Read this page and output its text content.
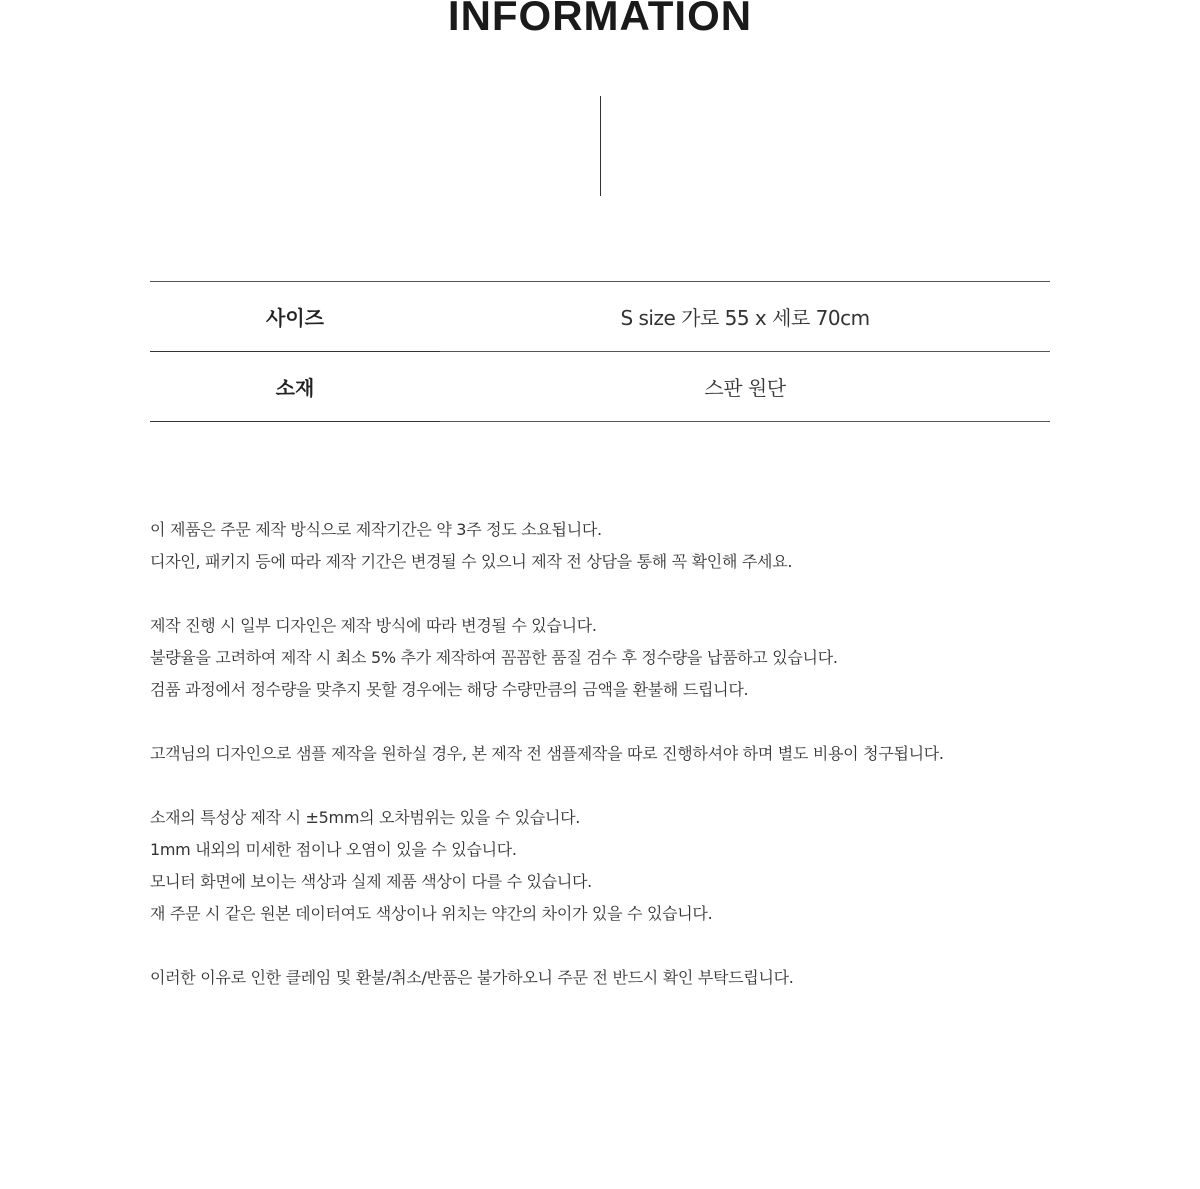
INFORMATION
사이즈	S size 가로 55 x 세로 70cm
소재	스판 원단
이 제품은 주문 제작 방식으로 제작기간은 약 3주 정도 소요됩니다.
디자인, 패키지 등에 따라 제작 기간은 변경될 수 있으니 제작 전 상담을 통해 꼭 확인해 주세요.
제작 진행 시 일부 디자인은 제작 방식에 따라 변경될 수 있습니다.
불량율을 고려하여 제작 시 최소 5% 추가 제작하여 꼼꼼한 품질 검수 후 정수량을 납품하고 있습니다.
검품 과정에서 정수량을 맞추지 못할 경우에는 해당 수량만큼의 금액을 환불해 드립니다.
고객님의 디자인으로 샘플 제작을 원하실 경우, 본 제작 전 샘플제작을 따로 진행하셔야 하며 별도 비용이 청구됩니다.
소재의 특성상 제작 시 ±5mm의 오차범위는 있을 수 있습니다.
1mm 내외의 미세한 점이나 오염이 있을 수 있습니다.
모니터 화면에 보이는 색상과 실제 제품 색상이 다를 수 있습니다.
재 주문 시 같은 원본 데이터여도 색상이나 위치는 약간의 차이가 있을 수 있습니다.
이러한 이유로 인한 클레임 및 환불/취소/반품은 불가하오니 주문 전 반드시 확인 부탁드립니다.
